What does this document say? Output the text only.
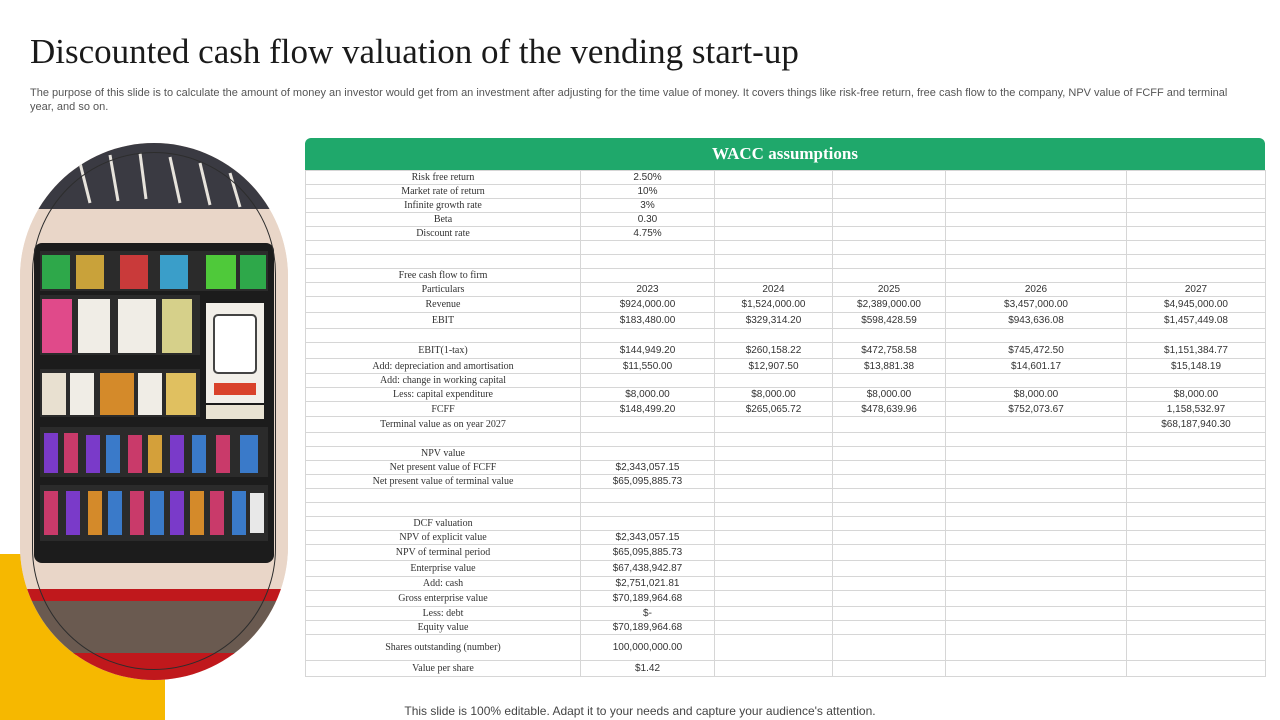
Discounted cash flow valuation of the vending start-up
The purpose of this slide is to calculate the amount of money an investor would get from an investment after adjusting for the time value of money. It covers things like risk-free return, free cash flow to the company, NPV value of FCFF and terminal year, and so on.
WACC assumptions
Risk free return	2.50%				
Market rate of return	10%				
Infinite growth rate	3%				
Beta	0.30				
Discount rate	4.75%				

Free cash flow to firm					
Particulars	2023	2024	2025	2026	2027
Revenue	$924,000.00	$1,524,000.00	$2,389,000.00	$3,457,000.00	$4,945,000.00
EBIT	$183,480.00	$329,314.20	$598,428.59	$943,636.08	$1,457,449.08

EBIT(1-tax)	$144,949.20	$260,158.22	$472,758.58	$745,472.50	$1,151,384.77
Add: depreciation and amortisation	$11,550.00	$12,907.50	$13,881.38	$14,601.17	$15,148.19
Add: change in working capital					
Less: capital expenditure	$8,000.00	$8,000.00	$8,000.00	$8,000.00	$8,000.00
FCFF	$148,499.20	$265,065.72	$478,639.96	$752,073.67	1,158,532.97
Terminal value as on year 2027					$68,187,940.30

NPV value					
Net present value of FCFF	$2,343,057.15				
Net present value of terminal value	$65,095,885.73				

DCF valuation					
NPV of explicit value	$2,343,057.15				
NPV of terminal period	$65,095,885.73				
Enterprise value	$67,438,942.87				
Add: cash	$2,751,021.81				
Gross enterprise value	$70,189,964.68				
Less: debt	$-				
Equity value	$70,189,964.68				
Shares outstanding (number)	100,000,000.00				
Value per share	$1.42				
This slide is 100% editable. Adapt it to your needs and capture your audience's attention.
